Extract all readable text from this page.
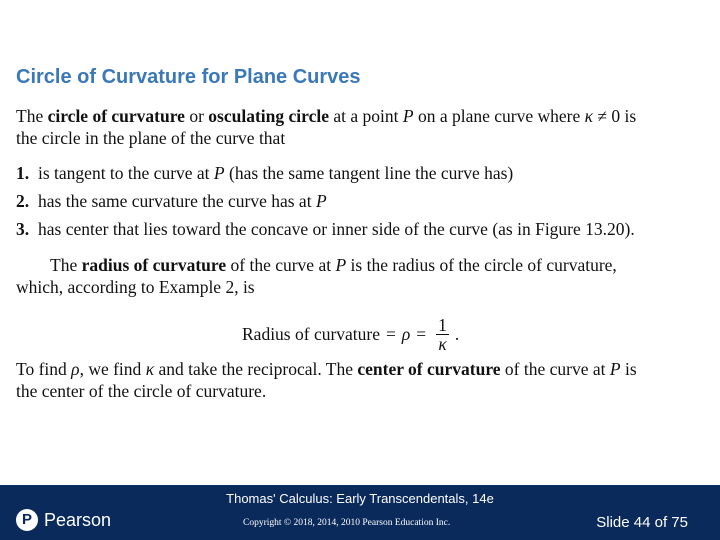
Circle of Curvature for Plane Curves
The circle of curvature or osculating circle at a point P on a plane curve where κ ≠ 0 is
the circle in the plane of the curve that
1. is tangent to the curve at P (has the same tangent line the curve has)
2. has the same curvature the curve has at P
3. has center that lies toward the concave or inner side of the curve (as in Figure 13.20).
The radius of curvature of the curve at P is the radius of the circle of curvature,
which, according to Example 2, is
To find ρ, we find κ and take the reciprocal. The center of curvature of the curve at P is
the center of the circle of curvature.
Radius of curvature = $\rho = \frac{1}{\kappa}$ .
Thomas' Calculus: Early Transcendentals, 14e
P Pearson	Copyright © 2018, 2014, 2010 Pearson Education Inc.	Slide 44 of 75
